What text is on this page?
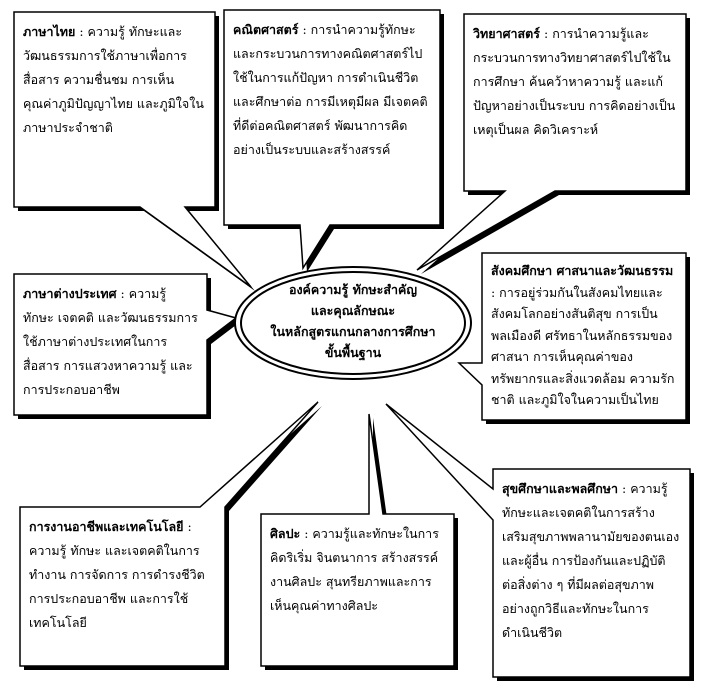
องค์ความรู้ ทักษะสำคัญ
และคุณลักษณะ
ในหลักสูตรแกนกลางการศึกษา
ขั้นพื้นฐาน

ภาษาไทย : ความรู้ ทักษะและวัฒนธรรมการใช้ภาษาเพื่อการสื่อสาร ความชื่นชม การเห็นคุณค่าภูมิปัญญาไทย และภูมิใจในภาษาประจำชาติ

คณิตศาสตร์ : การนำความรู้ทักษะและกระบวนการทางคณิตศาสตร์ไปใช้ในการแก้ปัญหา การดำเนินชีวิต และศึกษาต่อ การมีเหตุมีผล มีเจตคติที่ดีต่อคณิตศาสตร์ พัฒนาการคิดอย่างเป็นระบบและสร้างสรรค์

วิทยาศาสตร์ : การนำความรู้และกระบวนการทางวิทยาศาสตร์ไปใช้ในการศึกษา ค้นคว้าหาความรู้ และแก้ปัญหาอย่างเป็นระบบ การคิดอย่างเป็นเหตุเป็นผล คิดวิเคราะห์

สังคมศึกษา ศาสนาและวัฒนธรรม : การอยู่ร่วมกันในสังคมไทยและสังคมโลกอย่างสันติสุข การเป็นพลเมืองดี ศรัทธาในหลักธรรมของศาสนา การเห็นคุณค่าของทรัพยากรและสิ่งแวดล้อม ความรักชาติ และภูมิใจในความเป็นไทย

ภาษาต่างประเทศ : ความรู้ ทักษะ เจตคติ และวัฒนธรรมการใช้ภาษาต่างประเทศในการสื่อสาร การแสวงหาความรู้ และการประกอบอาชีพ

สุขศึกษาและพลศึกษา : ความรู้ ทักษะและเจตคติในการสร้างเสริมสุขภาพพลานามัยของตนเองและผู้อื่น การป้องกันและปฏิบัติต่อสิ่งต่าง ๆ ที่มีผลต่อสุขภาพอย่างถูกวิธีและทักษะในการดำเนินชีวิต

ศิลปะ : ความรู้และทักษะในการคิดริเริ่ม จินตนาการ สร้างสรรค์งานศิลปะ สุนทรียภาพและการเห็นคุณค่าทางศิลปะ

การงานอาชีพและเทคโนโลยี : ความรู้ ทักษะ และเจตคติในการทำงาน การจัดการ การดำรงชีวิต การประกอบอาชีพ และการใช้เทคโนโลยี
